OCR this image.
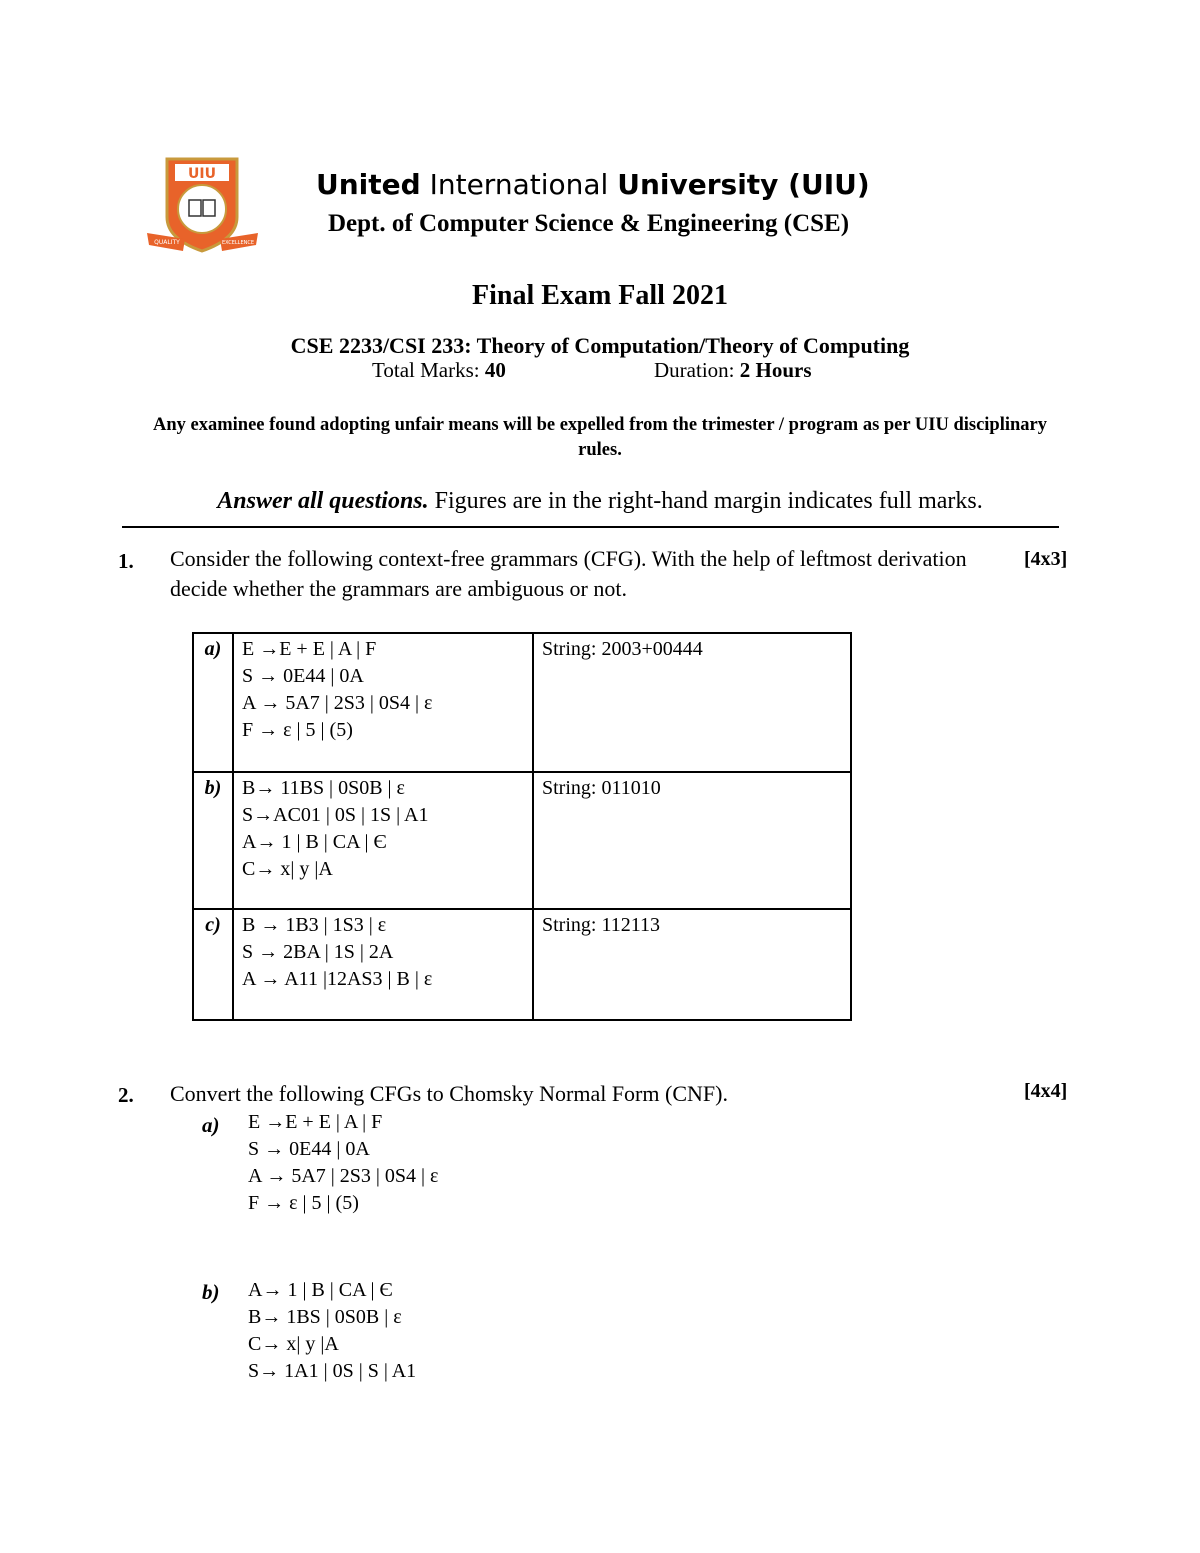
UIU
QUALITY	EXCELLENCE
United International University (UIU)
Dept. of Computer Science & Engineering (CSE)
Final Exam Fall 2021
CSE 2233/CSI 233: Theory of Computation/Theory of Computing
Total Marks: 40	Duration: 2 Hours
Any examinee found adopting unfair means will be expelled from the trimester / program as per UIU disciplinary rules.
Answer all questions. Figures are in the right-hand margin indicates full marks.
1. Consider the following context-free grammars (CFG). With the help of leftmost derivation decide whether the grammars are ambiguous or not.
[4x3]
a)	E →E + E | A | F
S → 0E44 | 0A
A → 5A7 | 2S3 | 0S4 | ε
F → ε | 5 | (5)	String: 2003+00444
b)	B→ 11BS | 0S0B | ε
S→AC01 | 0S | 1S | A1
A→ 1 | B | CA | Є
C→ x| y |A	String: 011010
c)	B → 1B3 | 1S3 | ε
S → 2BA | 1S | 2A
A → A11 |12AS3 | B | ε	String: 112113
2. Convert the following CFGs to Chomsky Normal Form (CNF).	[4x4]
a) E →E + E | A | F
S → 0E44 | 0A
A → 5A7 | 2S3 | 0S4 | ε
F → ε | 5 | (5)
b) A→ 1 | B | CA | Є
B→ 1BS | 0S0B | ε
C→ x| y |A
S→ 1A1 | 0S | S | A1
